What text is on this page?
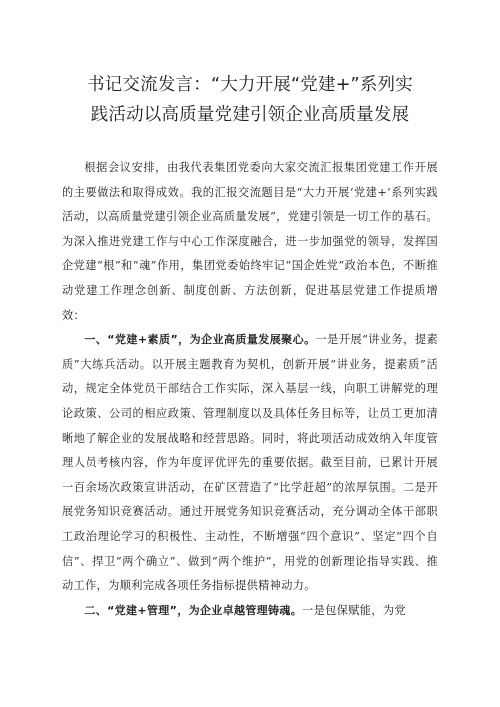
书记交流发言：“大力开展“党建+”系列实
践活动以高质量党建引领企业高质量发展

根据会议安排，由我代表集团党委向大家交流汇报集团党建工作开展的主要做法和取得成效。我的汇报交流题目是“大力开展‘党建+’系列实践活动，以高质量党建引领企业高质量发展”，党建引领是一切工作的基石。为深入推进党建工作与中心工作深度融合，进一步加强党的领导，发挥国企党建“根”和“魂”作用，集团党委始终牢记“国企姓党”政治本色，不断推动党建工作理念创新、制度创新、方法创新，促进基层党建工作提质增效：

一、“党建+素质”，为企业高质量发展聚心。一是开展“讲业务，提素质”大练兵活动。以开展主题教育为契机，创新开展“讲业务，提素质”活动，规定全体党员干部结合工作实际，深入基层一线，向职工讲解党的理论政策、公司的相应政策、管理制度以及具体任务目标等，让员工更加清晰地了解企业的发展战略和经营思路。同时，将此项活动成效纳入年度管理人员考核内容，作为年度评优评先的重要依据。截至目前，已累计开展一百余场次政策宣讲活动，在矿区营造了“比学赶超”的浓厚氛围。二是开展党务知识竞赛活动。通过开展党务知识竞赛活动，充分调动全体干部职工政治理论学习的积极性、主动性，不断增强“四个意识”、坚定“四个自信”、捍卫“两个确立”、做到“两个维护”，用党的创新理论指导实践、推动工作，为顺利完成各项任务指标提供精神动力。

二、“党建+管理”，为企业卓越管理铸魂。一是包保赋能，为党
